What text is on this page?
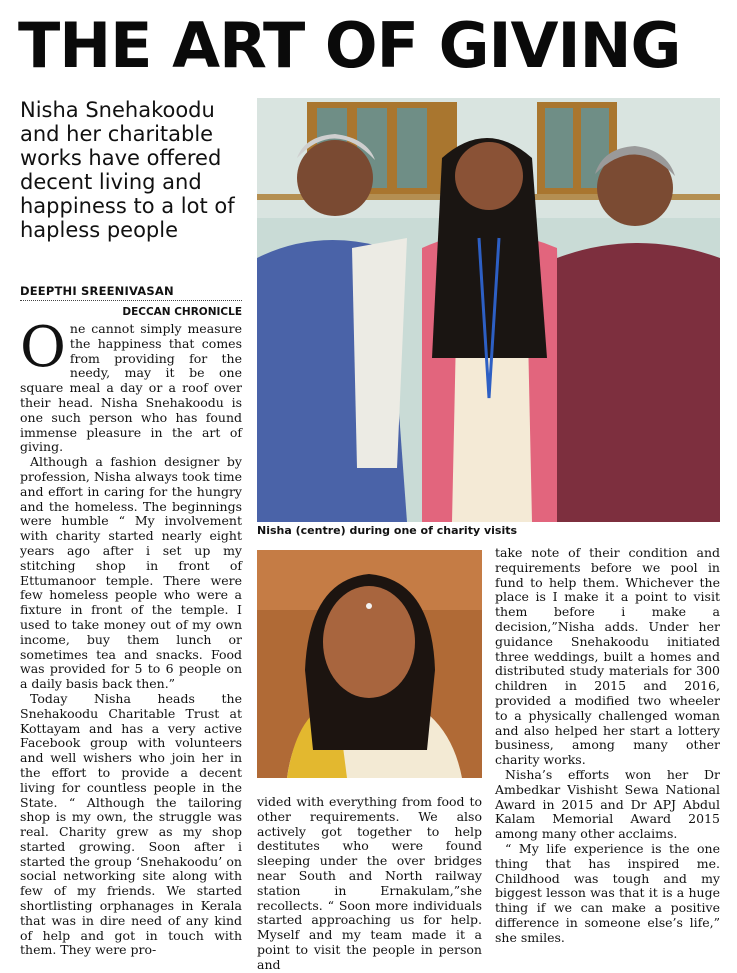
THE ART OF GIVING
Nisha Snehakoodu and her charitable works have offered decent living and happiness to a lot of hapless people
DEEPTHI SREENIVASAN
DECCAN CHRONICLE

One cannot simply measure the happiness that comes from providing for the needy, may it be one square meal a day or a roof over their head. Nisha Snehakoodu is one such person who has found immense pleasure in the art of giving.

Although a fashion designer by profession, Nisha always took time and effort in caring for the hungry and the homeless. The beginnings were humble “ My involvement with charity started nearly eight years ago after i set up my stitching shop in front of Ettumanoor temple. There were few homeless people who were a fixture in front of the temple. I used to take money out of my own income, buy them lunch or sometimes tea and snacks. Food was provided for 5 to 6 people on a daily basis back then.”

Today Nisha heads the Snehakoodu Charitable Trust at Kottayam and has a very active Facebook group with volunteers and well wishers who join her in the effort to provide a decent living for countless people in the State. “ Although the tailoring shop is my own, the struggle was real. Charity grew as my shop started growing. Soon after i started the group ‘Snehakoodu’ on social networking site along with few of my friends. We started shortlisting orphanages in Kerala that was in dire need of any kind of help and got in touch with them. They were pro-

Nisha (centre) during one of charity visits

vided with everything from food to other requirements. We also actively got together to help destitutes who were found sleeping under the over bridges near South and North railway station in Ernakulam,”she recollects. “ Soon more individuals started approaching us for help. Myself and my team made it a point to visit the people in person and

take note of their condition and requirements before we pool in fund to help them. Whichever the place is I make it a point to visit them before i make a decision,”Nisha adds. Under her guidance Snehakoodu initiated three weddings, built a homes and distributed study materials for 300 children in 2015 and 2016, provided a modified two wheeler to a physically challenged woman and also helped her start a lottery business, among many other charity works.

Nisha’s efforts won her Dr Ambedkar Vishisht Sewa National Award in 2015 and Dr APJ Abdul Kalam Memorial Award 2015 among many other acclaims.

“ My life experience is the one thing that has inspired me. Childhood was tough and my biggest lesson was that it is a huge thing if we can make a positive difference in someone else’s life,” she smiles.
